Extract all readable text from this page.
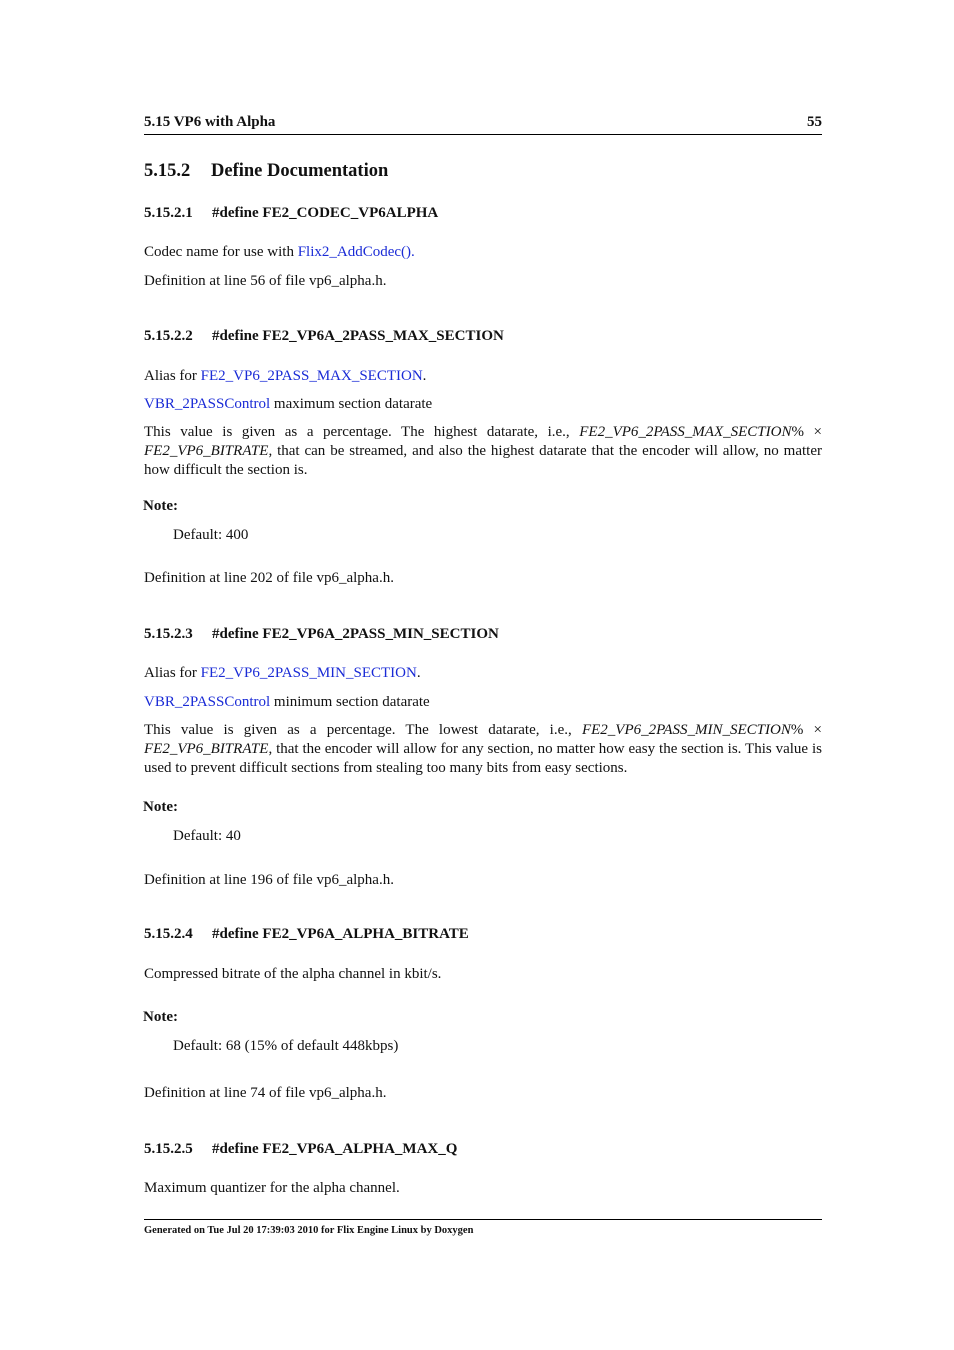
5.15 VP6 with Alpha	55
5.15.2 Define Documentation
5.15.2.1 #define FE2_CODEC_VP6ALPHA
Codec name for use with Flix2_AddCodec().
Definition at line 56 of file vp6_alpha.h.
5.15.2.2 #define FE2_VP6A_2PASS_MAX_SECTION
Alias for FE2_VP6_2PASS_MAX_SECTION.
VBR_2PASSControl maximum section datarate
This value is given as a percentage. The highest datarate, i.e., FE2_VP6_2PASS_MAX_SECTION% × FE2_VP6_BITRATE, that can be streamed, and also the highest datarate that the encoder will allow, no matter how difficult the section is.
Note:
Default: 400
Definition at line 202 of file vp6_alpha.h.
5.15.2.3 #define FE2_VP6A_2PASS_MIN_SECTION
Alias for FE2_VP6_2PASS_MIN_SECTION.
VBR_2PASSControl minimum section datarate
This value is given as a percentage. The lowest datarate, i.e., FE2_VP6_2PASS_MIN_SECTION% × FE2_VP6_BITRATE, that the encoder will allow for any section, no matter how easy the section is. This value is used to prevent difficult sections from stealing too many bits from easy sections.
Note:
Default: 40
Definition at line 196 of file vp6_alpha.h.
5.15.2.4 #define FE2_VP6A_ALPHA_BITRATE
Compressed bitrate of the alpha channel in kbit/s.
Note:
Default: 68 (15% of default 448kbps)
Definition at line 74 of file vp6_alpha.h.
5.15.2.5 #define FE2_VP6A_ALPHA_MAX_Q
Maximum quantizer for the alpha channel.
Generated on Tue Jul 20 17:39:03 2010 for Flix Engine Linux by Doxygen
